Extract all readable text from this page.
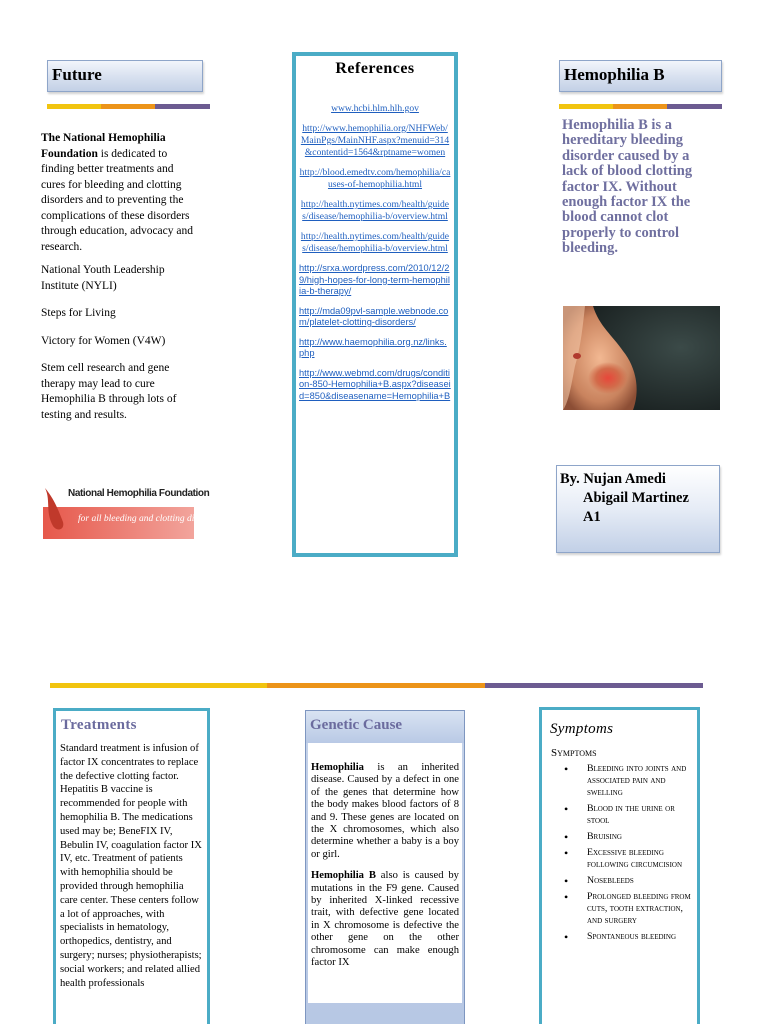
Future

The National Hemophilia Foundation is dedicated to finding better treatments and cures for bleeding and clotting disorders and to preventing the complications of these disorders through education, advocacy and research.

National Youth Leadership Institute (NYLI)

Steps for Living

Victory for Women (V4W)

Stem cell research and gene therapy may lead to cure Hemophilia B through lots of testing and results.

National Hemophilia Foundation
for all bleeding and clotting disorders
References
www.hcbi.hlm.hlh.gov
http://www.hemophilia.org/NHFWeb/MainPgs/MainNHF.aspx?menuid=314&contentid=1564&rptname=women
http://blood.emedtv.com/hemophilia/causes-of-hemophilia.html
http://health.nytimes.com/health/guides/disease/hemophilia-b/overview.html
http://health.nytimes.com/health/guides/disease/hemophilia-b/overview.html
http://srxa.wordpress.com/2010/12/29/high-hopes-for-long-term-hemophilia-b-therapy/
http://mda09pvl-sample.webnode.com/platelet-clotting-disorders/
http://www.haemophilia.org.nz/links.php
http://www.webmd.com/drugs/condition-850-Hemophilia+B.aspx?diseaseid=850&diseasename=Hemophilia+B
Hemophilia B
Hemophilia B is a hereditary bleeding disorder caused by a lack of blood clotting factor IX. Without enough factor IX the blood cannot clot properly to control bleeding.
By. Nujan Amedi
Abigail Martinez
A1
Treatments
Standard treatment is infusion of factor IX concentrates to replace the defective clotting factor. Hepatitis B vaccine is recommended for people with hemophilia B. The medications used may be; BeneFIX IV, Bebulin IV, coagulation factor IX IV, etc. Treatment of patients with hemophilia should be provided through hemophilia care center. These centers follow a lot of approaches, with specialists in hematology, orthopedics, dentistry, and surgery; nurses; physiotherapists; social workers; and related allied health professionals
Genetic Cause

Hemophilia is an inherited disease. Caused by a defect in one of the genes that determine how the body makes blood factors of 8 and 9. These genes are located on the X chromosomes, which also determine whether a baby is a boy or girl.

Hemophilia B also is caused by mutations in the F9 gene. Caused by inherited X-linked recessive trait, with defective gene located in X chromosome is defective the other gene on the other chromosome can make enough factor IX

Symptoms
Symptoms
• Bleeding into joints and associated pain and swelling
• Blood in the urine or stool
• Bruising
• Excessive bleeding following circumcision
• Nosebleeds
• Prolonged bleeding from cuts, tooth extraction, and surgery
• Spontaneous bleeding
